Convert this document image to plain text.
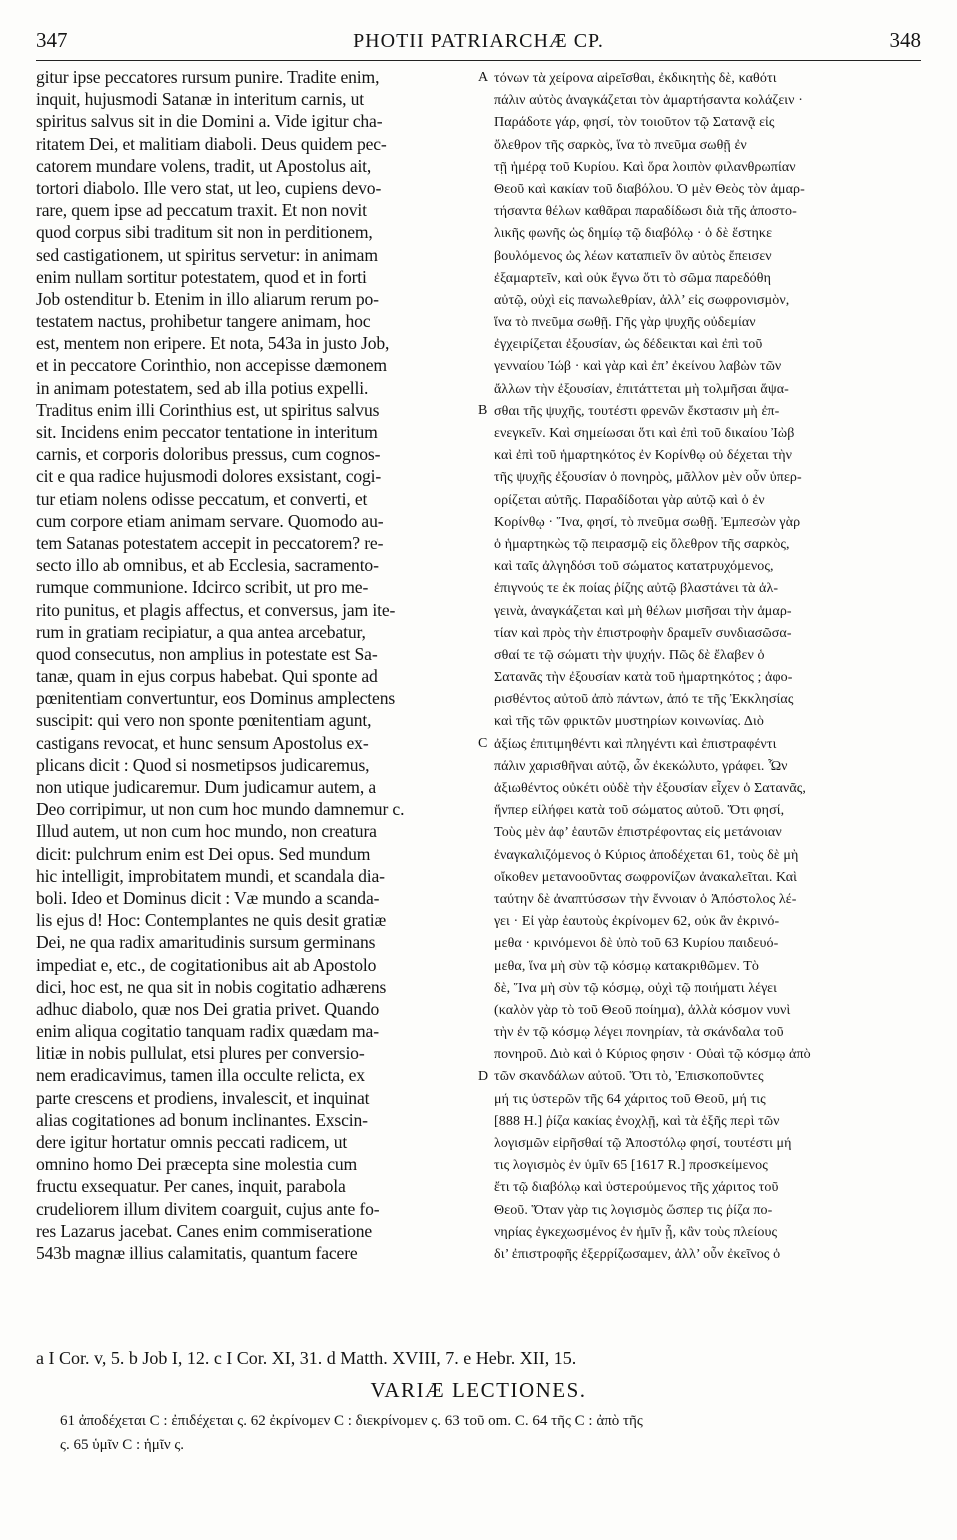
347	PHOTII PATRIARCHÆ CP.	348
gitur ipse peccatores rursum punire. Tradite enim,
inquit, hujusmodi Satanæ in interitum carnis, ut
spiritus salvus sit in die Domini a. Vide igitur cha-
ritatem Dei, et malitiam diaboli. Deus quidem pec-
catorem mundare volens, tradit, ut Apostolus ait,
tortori diabolo. Ille vero stat, ut leo, cupiens devo-
rare, quem ipse ad peccatum traxit. Et non novit
quod corpus sibi traditum sit non in perditionem,
sed castigationem, ut spiritus servetur: in animam
enim nullam sortitur potestatem, quod et in forti
Job ostenditur b. Etenim in illo aliarum rerum po-
testatem nactus, prohibetur tangere animam, hoc
est, mentem non eripere. Et nota, 543a in justo Job,
et in peccatore Corinthio, non accepisse dæmonem
in animam potestatem, sed ab illa potius expelli.
Traditus enim illi Corinthius est, ut spiritus salvus
sit. Incidens enim peccator tentatione in interitum
carnis, et corporis doloribus pressus, cum cognos-
cit e qua radice hujusmodi dolores exsistant, cogi-
tur etiam nolens odisse peccatum, et converti, et
cum corpore etiam animam servare. Quomodo au-
tem Satanas potestatem accepit in peccatorem? re-
secto illo ab omnibus, et ab Ecclesia, sacramento-
rumque communione. Idcirco scribit, ut pro me-
rito punitus, et plagis affectus, et conversus, jam ite-
rum in gratiam recipiatur, a qua antea arcebatur,
quod consecutus, non amplius in potestate est Sa-
tanæ, quam in ejus corpus habebat. Qui sponte ad
pœnitentiam convertuntur, eos Dominus amplectens
suscipit: qui vero non sponte pœnitentiam agunt,
castigans revocat, et hunc sensum Apostolus ex-
plicans dicit : Quod si nosmetipsos judicaremus,
non utique judicaremur. Dum judicamur autem, a
Deo corripimur, ut non cum hoc mundo damnemur c.
Illud autem, ut non cum hoc mundo, non creatura
dicit: pulchrum enim est Dei opus. Sed mundum
hic intelligit, improbitatem mundi, et scandala dia-
boli. Ideo et Dominus dicit : Væ mundo a scanda-
lis ejus d! Hoc: Contemplantes ne quis desit gratiæ
Dei, ne qua radix amaritudinis sursum germinans
impediat e, etc., de cogitationibus ait ab Apostolo
dici, hoc est, ne qua sit in nobis cogitatio adhærens
adhuc diabolo, quæ nos Dei gratia privet. Quando
enim aliqua cogitatio tanquam radix quædam ma-
litiæ in nobis pullulat, etsi plures per conversio-
nem eradicavimus, tamen illa occulte relicta, ex
parte crescens et prodiens, invalescit, et inquinat
alias cogitationes ad bonum inclinantes. Exscin-
dere igitur hortatur omnis peccati radicem, ut
omnino homo Dei præcepta sine molestia cum
fructu exsequatur. Per canes, inquit, parabola
crudeliorem illum divitem coarguit, cujus ante fo-
res Lazarus jacebat. Canes enim commiseratione
543b magnæ illius calamitatis, quantum facere
A
B
C
D
τόνων τὰ χείρονα αἱρεῖσθαι, ἐκδικητὴς δὲ, καθότι
πάλιν αὐτὸς ἀναγκάζεται τὸν ἁμαρτήσαντα κολάζειν ·
Παράδοτε γάρ, φησί, τὸν τοιοῦτον τῷ Σατανᾷ εἰς
ὄλεθρον τῆς σαρκὸς, ἵνα τὸ πνεῦμα σωθῇ ἐν
τῇ ἡμέρᾳ τοῦ Κυρίου. Καὶ ὅρα λοιπὸν φιλανθρωπίαν
Θεοῦ καὶ κακίαν τοῦ διαβόλου. Ὁ μὲν Θεὸς τὸν ἁμαρ-
τήσαντα θέλων καθᾶραι παραδίδωσι διὰ τῆς ἀποστο-
λικῆς φωνῆς ὡς δημίῳ τῷ διαβόλῳ · ὁ δὲ ἕστηκε
βουλόμενος ὡς λέων καταπιεῖν ὃν αὐτὸς ἔπεισεν
ἐξαμαρτεῖν, καὶ οὐκ ἔγνω ὅτι τὸ σῶμα παρεδόθη
αὐτῷ, οὐχὶ εἰς πανωλεθρίαν, ἀλλ’ εἰς σωφρονισμὸν,
ἵνα τὸ πνεῦμα σωθῇ. Γῆς γὰρ ψυχῆς οὐδεμίαν
ἐγχειρίζεται ἐξουσίαν, ὡς δέδεικται καὶ ἐπὶ τοῦ
γενναίου Ἰώβ · καὶ γὰρ καὶ ἐπ’ ἐκείνου λαβὼν τῶν
ἄλλων τὴν ἐξουσίαν, ἐπιτάττεται μὴ τολμῆσαι ἅψα-
σθαι τῆς ψυχῆς, τουτέστι φρενῶν ἔκστασιν μὴ ἐπ-
ενεγκεῖν. Καὶ σημείωσαι ὅτι καὶ ἐπὶ τοῦ δικαίου Ἰὼβ
καὶ ἐπὶ τοῦ ἡμαρτηκότος ἐν Κορίνθῳ οὐ δέχεται τὴν
τῆς ψυχῆς ἐξουσίαν ὁ πονηρὸς, μᾶλλον μὲν οὖν ὑπερ-
ορίζεται αὐτῆς. Παραδίδοται γὰρ αὐτῷ καὶ ὁ ἐν
Κορίνθῳ · Ἵνα, φησί, τὸ πνεῦμα σωθῇ. Ἐμπεσὼν γὰρ
ὁ ἡμαρτηκὼς τῷ πειρασμῷ εἰς ὄλεθρον τῆς σαρκὸς,
καὶ ταῖς ἀλγηδόσι τοῦ σώματος κατατρυχόμενος,
ἐπιγνούς τε ἐκ ποίας ῥίζης αὐτῷ βλαστάνει τὰ ἀλ-
γεινὰ, ἀναγκάζεται καὶ μὴ θέλων μισῆσαι τὴν ἁμαρ-
τίαν καὶ πρὸς τὴν ἐπιστροφὴν δραμεῖν συνδιασῶσα-
σθαί τε τῷ σώματι τὴν ψυχήν. Πῶς δὲ ἔλαβεν ὁ
Σατανᾶς τὴν ἐξουσίαν κατὰ τοῦ ἡμαρτηκότος ; ἀφο-
ρισθέντος αὐτοῦ ἀπὸ πάντων, ἀπό τε τῆς Ἐκκλησίας
καὶ τῆς τῶν φρικτῶν μυστηρίων κοινωνίας. Διὸ
ἀξίως ἐπιτιμηθέντι καὶ πληγέντι καὶ ἐπιστραφέντι
πάλιν χαρισθῆναι αὐτῷ, ὧν ἐκεκώλυτο, γράφει. Ὧν
ἀξιωθέντος οὐκέτι οὐδὲ τὴν ἐξουσίαν εἶχεν ὁ Σατανᾶς,
ἥνπερ εἰλήφει κατὰ τοῦ σώματος αὐτοῦ. Ὅτι φησί,
Τοὺς μὲν ἀφ’ ἑαυτῶν ἐπιστρέφοντας εἰς μετάνοιαν
ἐναγκαλιζόμενος ὁ Κύριος ἀποδέχεται 61, τοὺς δὲ μὴ
οἴκοθεν μετανοοῦντας σωφρονίζων ἀνακαλεῖται. Καὶ
ταύτην δὲ ἀναπτύσσων τὴν ἔννοιαν ὁ Ἀπόστολος λέ-
γει · Εἰ γὰρ ἑαυτοὺς ἐκρίνομεν 62, οὐκ ἂν ἐκρινό-
μεθα · κρινόμενοι δὲ ὑπὸ τοῦ 63 Κυρίου παιδευό-
μεθα, ἵνα μὴ σὺν τῷ κόσμῳ κατακριθῶμεν. Τὸ
δὲ, Ἵνα μὴ σὺν τῷ κόσμῳ, οὐχὶ τῷ ποιήματι λέγει
(καλὸν γὰρ τὸ τοῦ Θεοῦ ποίημα), ἀλλὰ κόσμον νυνὶ
τὴν ἐν τῷ κόσμῳ λέγει πονηρίαν, τὰ σκάνδαλα τοῦ
πονηροῦ. Διὸ καὶ ὁ Κύριος φησιν · Οὐαὶ τῷ κόσμῳ ἀπὸ
τῶν σκανδάλων αὐτοῦ. Ὅτι τὸ, Ἐπισκοποῦντες
μή τις ὑστερῶν τῆς 64 χάριτος τοῦ Θεοῦ, μή τις
[888 H.] ῥίζα κακίας ἐνοχλῇ, καὶ τὰ ἑξῆς περὶ τῶν
λογισμῶν εἰρῆσθαί τῷ Ἀποστόλῳ φησί, τουτέστι μή
τις λογισμὸς ἐν ὑμῖν 65 [1617 R.] προσκείμενος
ἔτι τῷ διαβόλῳ καὶ ὑστερούμενος τῆς χάριτος τοῦ
Θεοῦ. Ὅταν γὰρ τις λογισμὸς ὥσπερ τις ῥίζα πο-
νηρίας ἐγκεχωσμένος ἐν ἡμῖν ᾖ, κἂν τοὺς πλείους
δι’ ἐπιστροφῆς ἐξερρίζωσαμεν, ἀλλ’ οὖν ἐκεῖνος ὁ
a I Cor. v, 5. b Job I, 12. c I Cor. XI, 31. d Matth. XVIII, 7. e Hebr. XII, 15.
VARIÆ LECTIONES.
61 ἀποδέχεται C : ἐπιδέχεται ς. 62 ἐκρίνομεν C : διεκρίνομεν ς. 63 τοῦ om. C. 64 τῆς C : ἀπὸ τῆς
ς. 65 ὑμῖν C : ἡμῖν ς.
